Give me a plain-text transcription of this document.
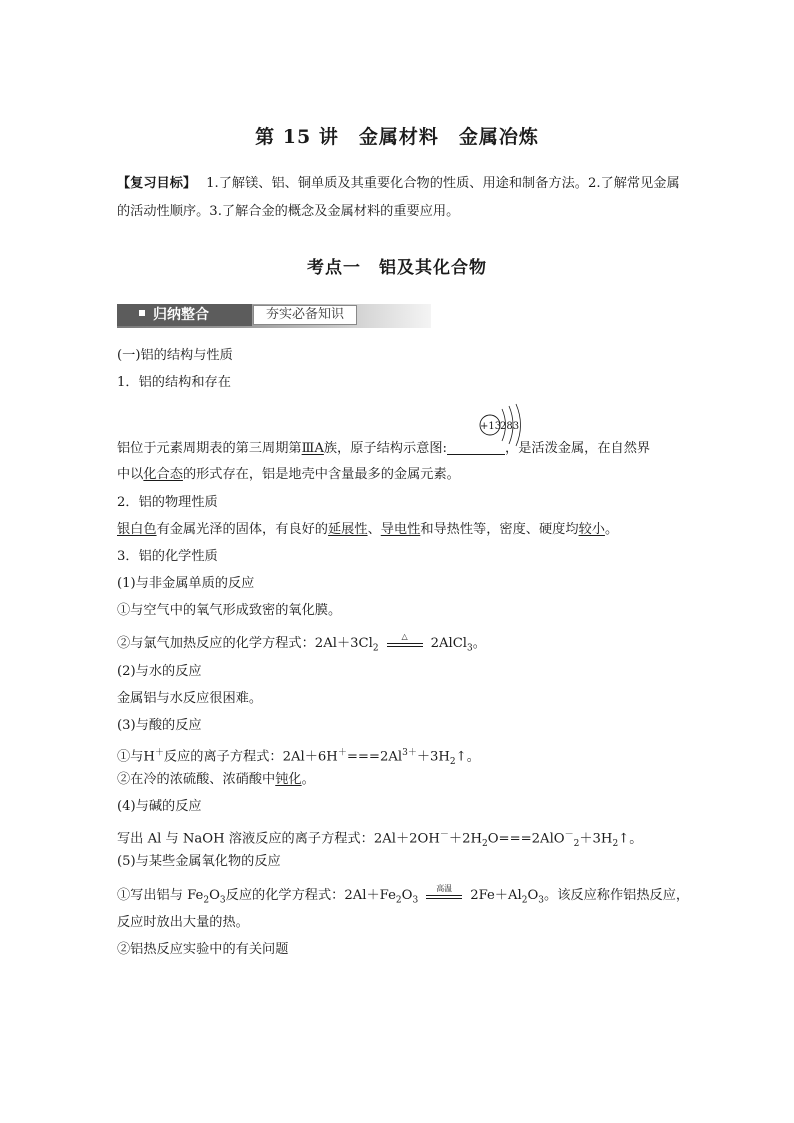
第 15 讲　金属材料　金属冶炼
【复习目标】 1.了解镁、铝、铜单质及其重要化合物的性质、用途和制备方法。2.了解常见金属的活动性顺序。3.了解合金的概念及金属材料的重要应用。
考点一　铝及其化合物
归纳整合	夯实必备知识
(一)铝的结构与性质
1．铝的结构和存在
+13
283
铝位于元素周期表的第三周期第ⅢA族，原子结构示意图:	，是活泼金属，在自然界
中以化合态的形式存在，铝是地壳中含量最多的金属元素。
2．铝的物理性质
银白色有金属光泽的固体，有良好的延展性、导电性和导热性等，密度、硬度均较小。
3．铝的化学性质
(1)与非金属单质的反应
①与空气中的氧气形成致密的氧化膜。
②与氯气加热反应的化学方程式：$2Al+3Cl_2$
△	2AlCl$_3$。
(2)与水的反应
金属铝与水反应很困难。
(3)与酸的反应
①与H＋反应的离子方程式：$2Al+6H^+===2Al^{3+}+3H_2↑$。
②在冷的浓硫酸、浓硝酸中钝化。
(4)与碱的反应
写出 Al 与 NaOH 溶液反应的离子方程式：$2Al+2OH^-+2H_2O===2AlO^-_2+3H_2↑$。
(5)与某些金属氧化物的反应
①写出铝与 $Fe_2O_3$反应的化学方程式：$2Al+Fe_2O_3$
高温	$2Fe+Al_2O_3$。该反应称作铝热反应，
反应时放出大量的热。
②铝热反应实验中的有关问题
